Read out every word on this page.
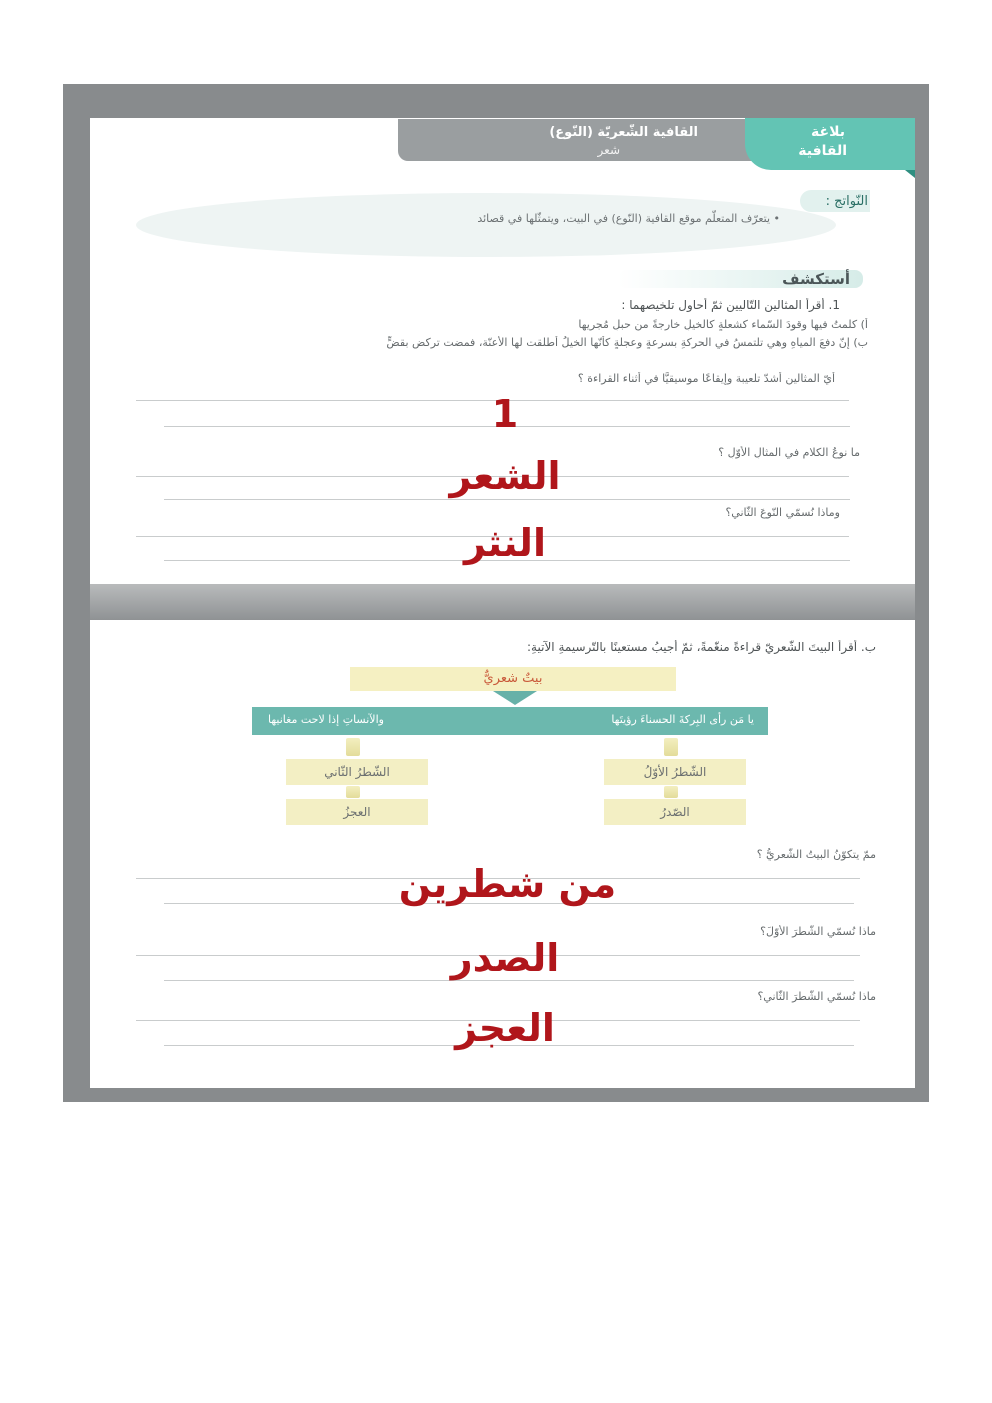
القافية الشّعريّة (النّوع)
شعر
بلاغة
القافية
النّواتج :
• يتعرّف المتعلّم موقع القافية (النّوع) في البيت، ويتمثّلها في قصائد
أستكشف
1. أقرأ المثالين التّاليين ثمّ أحاول تلخيصهما :
أ) كلمتُ فيها وقودَ السّماء كشعلةٍ كالخيلِ خارجةً من حبلِ مُجريها
ب) إنّ دفعَ المياهِ وهي تلتمسُ في الحركةِ بسرعةٍ وعجلةٍ كأنّها الخيلُ أطلقت لها الأعنّة، فمضت تركض بقضٍّ
أيّ المثالين أشدّ تلعيبة وإيقاعًا موسيقيًّا في أثناء القراءة ؟
ما نوعُ الكلامِ في المثالِ الأوّلِ ؟
وماذا نُسمّي النّوعَ الثّاني؟
1
الشعر
النثر
ب. أقرأ البيتَ الشّعريّ قراءةً منغّمةً، ثمّ أجيبُ مستعينًا بالتّرسيمةِ الآتيةِ:
بيتٌ شعريٌّ
يا مَن رأى البِركةَ الحسناءَ رؤيتَها
والآنساتِ إذا لاحت مغانيها
الشّطرُ الأوّلُ
الشّطرُ الثّاني
الصّدرُ
العجزُ
ممّ يتكوّنُ البيتُ الشّعريُّ ؟
ماذا نُسمّي الشّطرَ الأوّلَ؟
ماذا نُسمّي الشّطرَ الثّاني؟
من شطرين
الصدر
العجز
